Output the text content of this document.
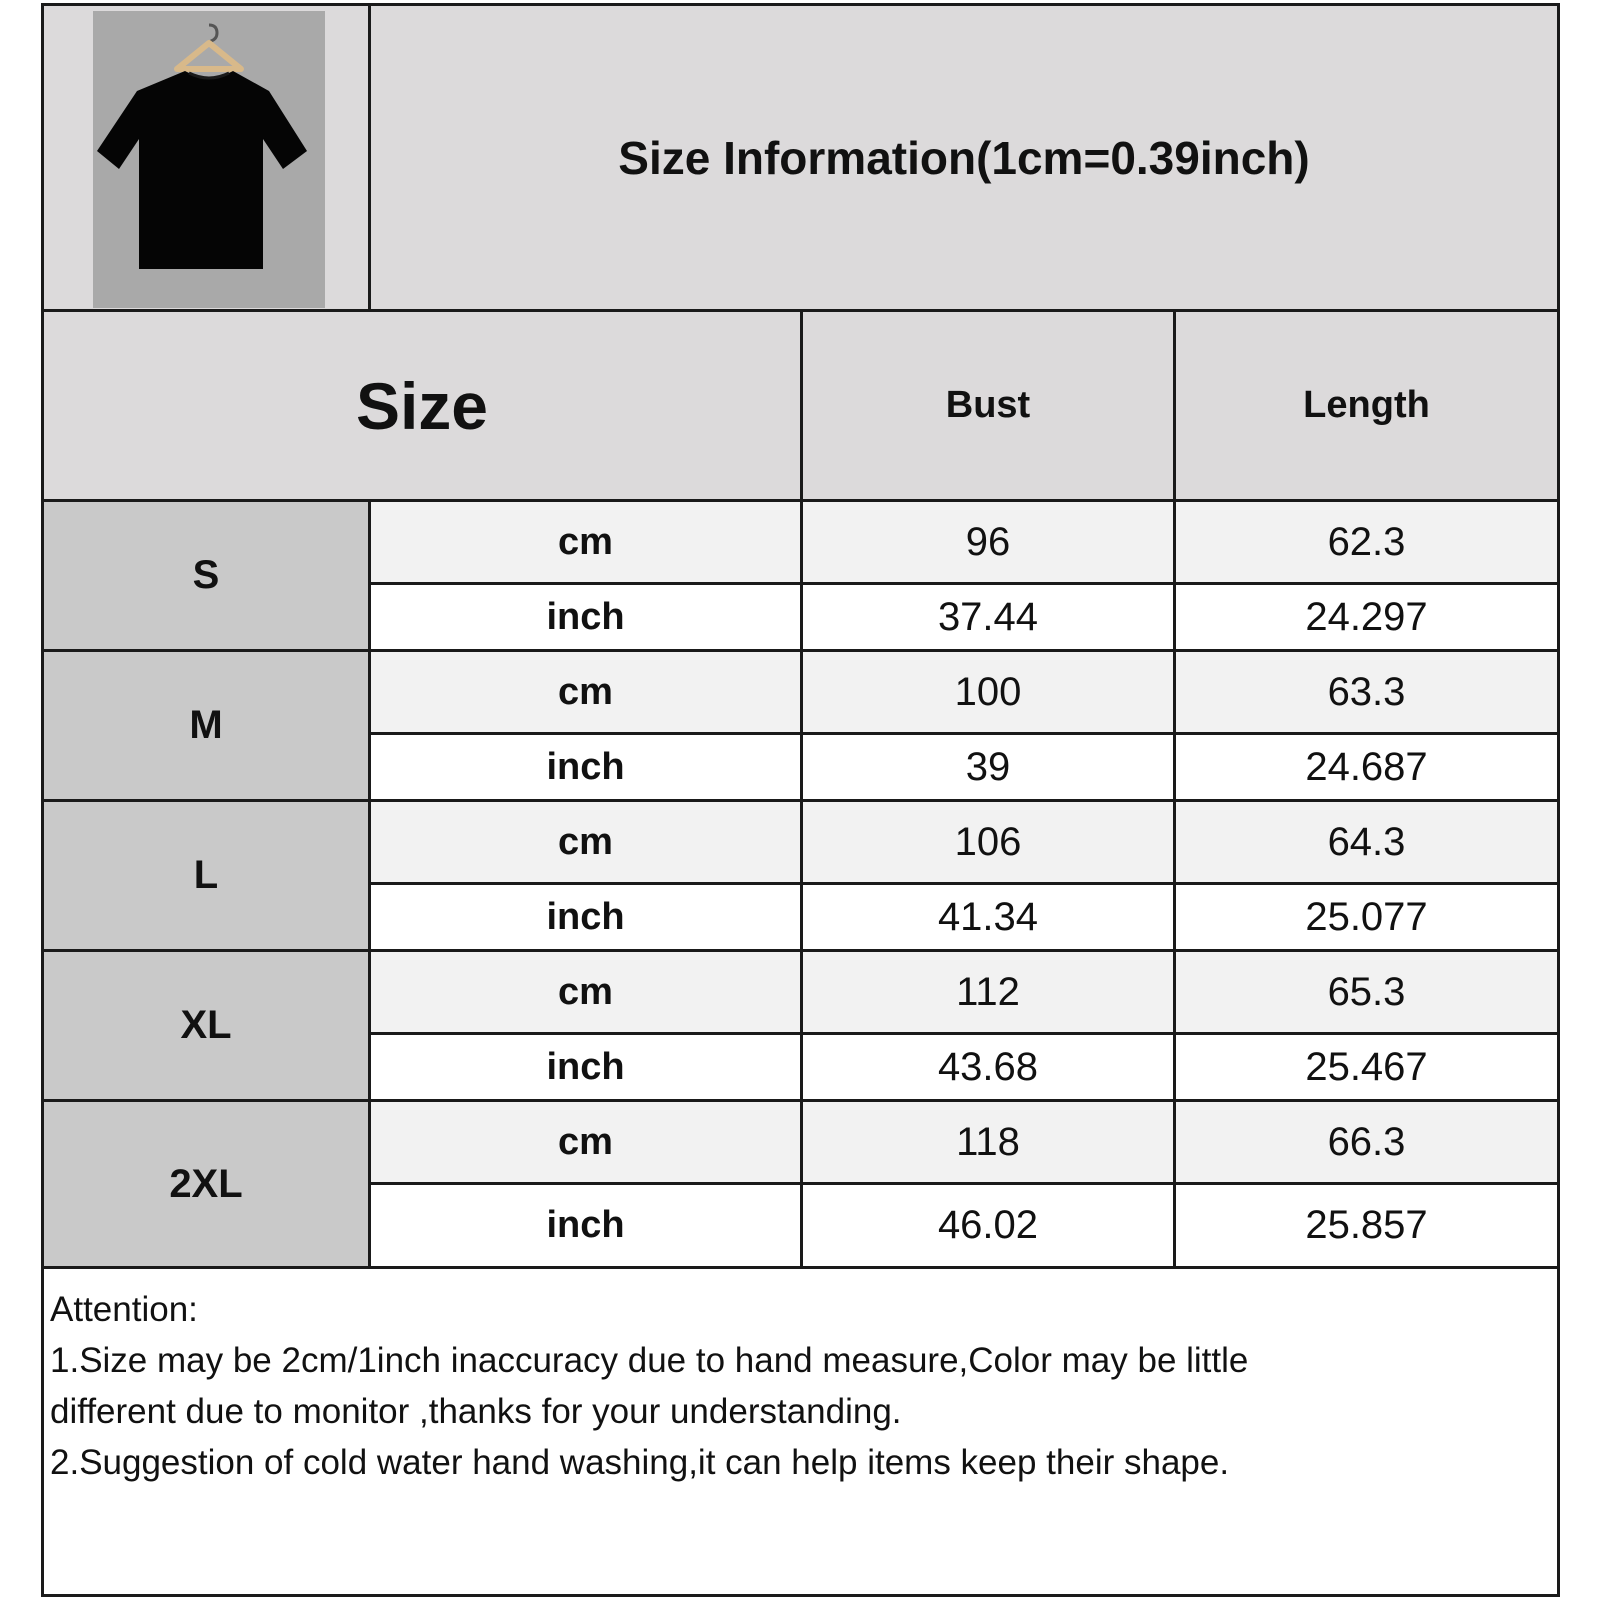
Size Information(1cm=0.39inch)
Size	Bust	Length
S
cm	96	62.3
inch	37.44	24.297
M
cm	100	63.3
inch	39	24.687
L
cm	106	64.3
inch	41.34	25.077
XL
cm	112	65.3
inch	43.68	25.467
2XL
cm	118	66.3
inch	46.02	25.857
Attention:
1.Size may be 2cm/1inch inaccuracy due to hand measure,Color may be little
different due to monitor ,thanks for your understanding.
2.Suggestion of cold water hand washing,it can help items keep their shape.
